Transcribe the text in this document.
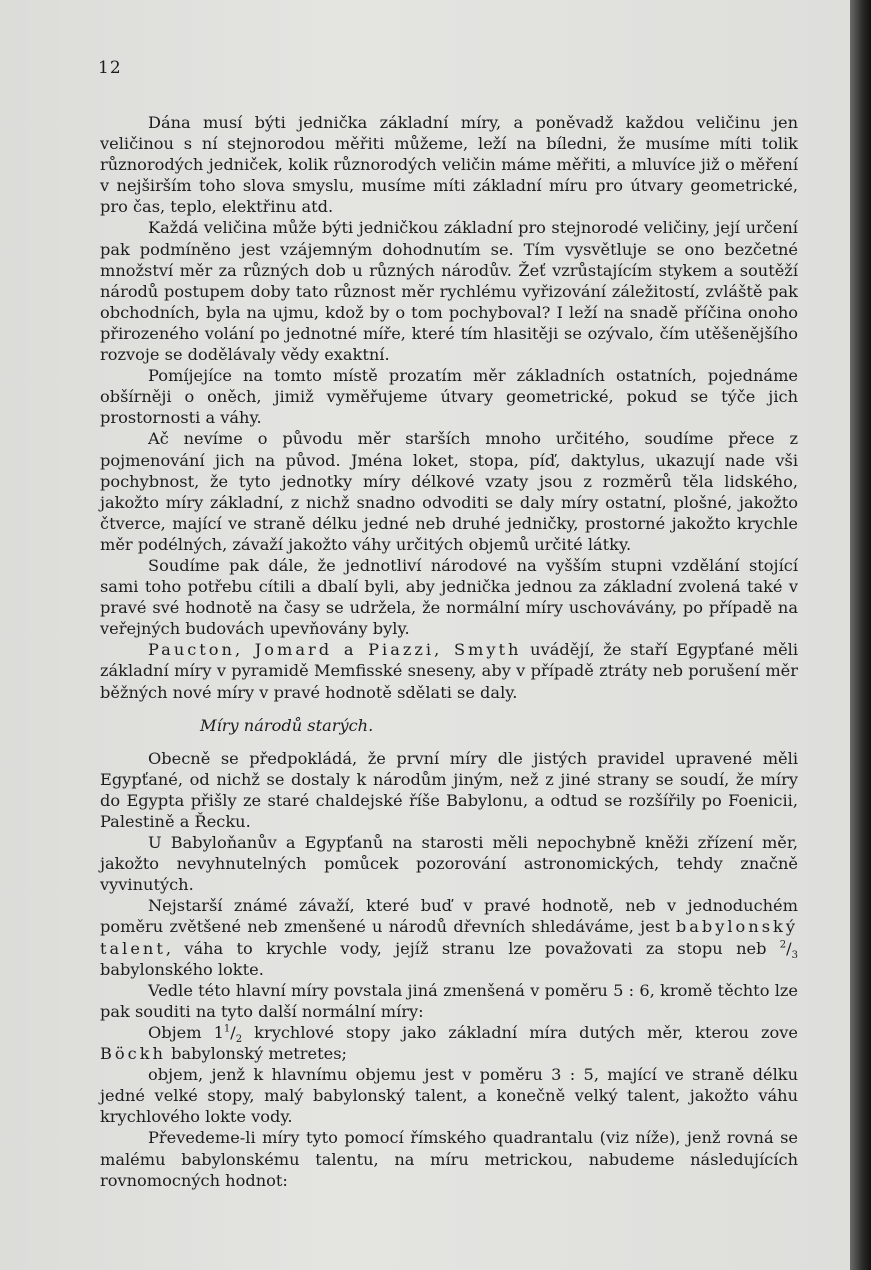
12

Dána musí býti jednička základní míry, a poněvadž každou veličinu jen veličinou s ní stejnorodou měřiti můžeme, leží na bíledni, že musíme míti tolik různorodých jedniček, kolik různorodých veličin máme měřiti, a mluvíce již o měření v nejširším toho slova smyslu, musíme míti základní míru pro útvary geometrické, pro čas, teplo, elektřinu atd.

Každá veličina může býti jedničkou základní pro stejnorodé veličiny, její určení pak podmíněno jest vzájemným dohodnutím se. Tím vysvětluje se ono bezčetné množství měr za různých dob u různých národův. Žeť vzrůstajícím stykem a soutěží národů postupem doby tato různost měr rychlému vyřizování záležitostí, zvláště pak obchodních, byla na ujmu, kdož by o tom pochyboval? I leží na snadě příčina onoho přirozeného volání po jednotné míře, které tím hlasitěji se ozývalo, čím utěšenějšího rozvoje se dodělávaly vědy exaktní.

Pomíjejíce na tomto místě prozatím měr základních ostatních, pojednáme obšírněji o oněch, jimiž vyměřujeme útvary geometrické, pokud se týče jich prostornosti a váhy.

Ač nevíme o původu měr starších mnoho určitého, soudíme přece z pojmenování jich na původ. Jména loket, stopa, píď, daktylus, ukazují nade vši pochybnost, že tyto jednotky míry délkové vzaty jsou z rozměrů těla lidského, jakožto míry základní, z nichž snadno odvoditi se daly míry ostatní, plošné, jakožto čtverce, mající ve straně délku jedné neb druhé jedničky, prostorné jakožto krychle měr podélných, závaží jakožto váhy určitých objemů určité látky.

Soudíme pak dále, že jednotliví národové na vyšším stupni vzdělání stojící sami toho potřebu cítili a dbalí byli, aby jednička jednou za základní zvolená také v pravé své hodnotě na časy se udržela, že normální míry uschovávány, po případě na veřejných budovách upevňovány byly.

Paucton, Jomard a Piazzi, Smyth uvádějí, že staří Egypťané měli základní míry v pyramidě Memfisské sneseny, aby v případě ztráty neb porušení měr běžných nové míry v pravé hodnotě sdělati se daly.

Míry národů starých.

Obecně se předpokládá, že první míry dle jistých pravidel upravené měli Egypťané, od nichž se dostaly k národům jiným, než z jiné strany se soudí, že míry do Egypta přišly ze staré chaldejské říše Babylonu, a odtud se rozšířily po Foenicii, Palestině a Řecku.

U Babyloňanův a Egypťanů na starosti měli nepochybně kněži zřízení měr, jakožto nevyhnutelných pomůcek pozorování astronomických, tehdy značně vyvinutých.

Nejstarší známé závaží, které buď v pravé hodnotě, neb v jednoduchém poměru zvětšené neb zmenšené u národů dřevních shledáváme, jest babylonský talent, váha to krychle vody, jejíž stranu lze považovati za stopu neb $^2/_3$ babylonského lokte.

Vedle této hlavní míry povstala jiná zmenšená v poměru 5 : 6, kromě těchto lze pak souditi na tyto další normální míry:

Objem $1^1/_2$ krychlové stopy jako základní míra dutých měr, kterou zove Böckh babylonský metretes;

objem, jenž k hlavnímu objemu jest v poměru 3 : 5, mající ve straně délku jedné velké stopy, malý babylonský talent, a konečně velký talent, jakožto váhu krychlového lokte vody.

Převedeme-li míry tyto pomocí římského quadrantalu (viz níže), jenž rovná se malému babylonskému talentu, na míru metrickou, nabudeme následujících rovnomocných hodnot:
